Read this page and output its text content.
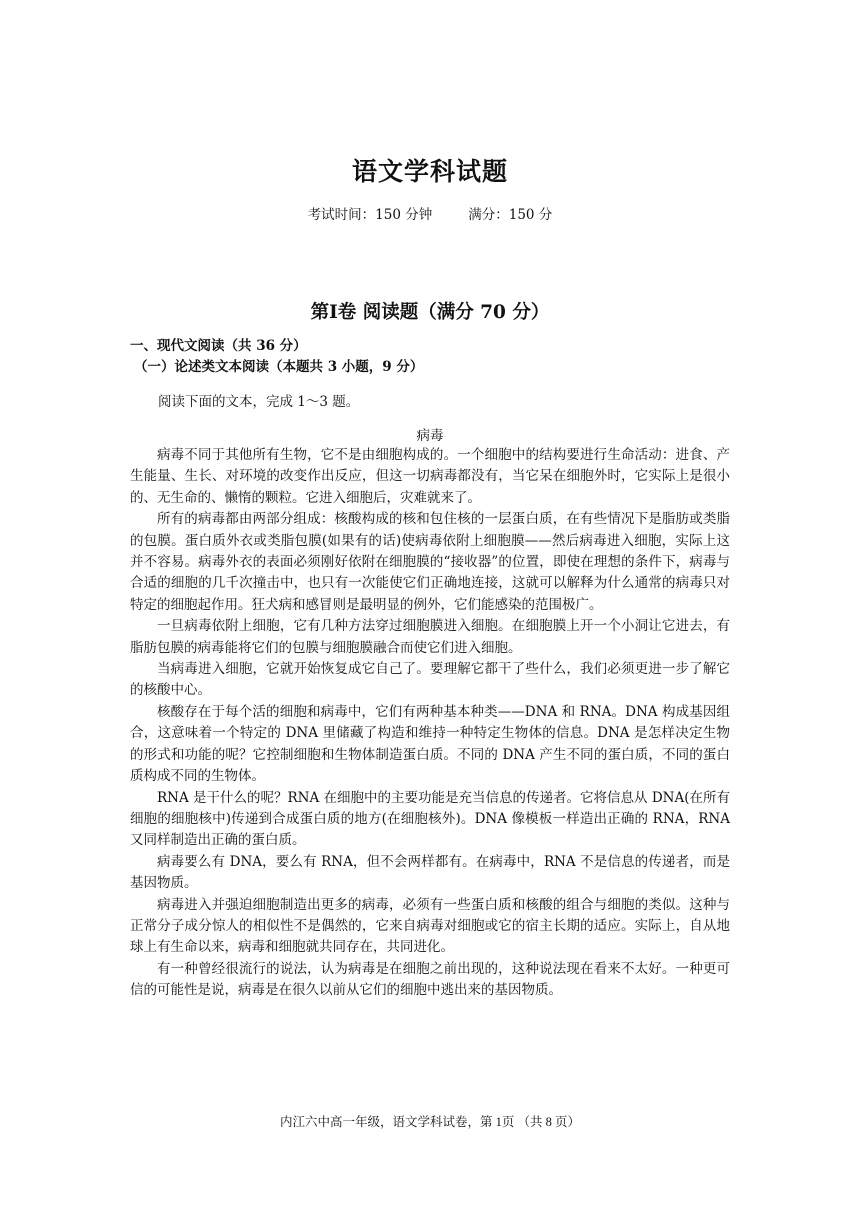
语文学科试题
考试时间：150 分钟	满分：150 分
第Ⅰ卷 阅读题（满分 70 分）
一、现代文阅读（共 36 分）
（一）论述类文本阅读（本题共 3 小题，9 分）
阅读下面的文本，完成 1～3 题。
病毒

病毒不同于其他所有生物，它不是由细胞构成的。一个细胞中的结构要进行生命活动：进食、产生能量、生长、对环境的改变作出反应，但这一切病毒都没有，当它呆在细胞外时，它实际上是很小的、无生命的、懒惰的颗粒。它进入细胞后，灾难就来了。

所有的病毒都由两部分组成：核酸构成的核和包住核的一层蛋白质，在有些情况下是脂肪或类脂的包膜。蛋白质外衣或类脂包膜(如果有的话)使病毒依附上细胞膜——然后病毒进入细胞，实际上这并不容易。病毒外衣的表面必须刚好依附在细胞膜的“接收器”的位置，即使在理想的条件下，病毒与合适的细胞的几千次撞击中，也只有一次能使它们正确地连接，这就可以解释为什么通常的病毒只对特定的细胞起作用。狂犬病和感冒则是最明显的例外，它们能感染的范围极广。

一旦病毒依附上细胞，它有几种方法穿过细胞膜进入细胞。在细胞膜上开一个小洞让它进去，有脂肪包膜的病毒能将它们的包膜与细胞膜融合而使它们进入细胞。

当病毒进入细胞，它就开始恢复成它自己了。要理解它都干了些什么，我们必须更进一步了解它的核酸中心。

核酸存在于每个活的细胞和病毒中，它们有两种基本种类——DNA 和 RNA。DNA 构成基因组合，这意味着一个特定的 DNA 里储藏了构造和维持一种特定生物体的信息。DNA 是怎样决定生物的形式和功能的呢？它控制细胞和生物体制造蛋白质。不同的 DNA 产生不同的蛋白质，不同的蛋白质构成不同的生物体。

RNA 是干什么的呢？RNA 在细胞中的主要功能是充当信息的传递者。它将信息从 DNA(在所有细胞的细胞核中)传递到合成蛋白质的地方(在细胞核外)。DNA 像模板一样造出正确的 RNA，RNA 又同样制造出正确的蛋白质。

病毒要么有 DNA，要么有 RNA，但不会两样都有。在病毒中，RNA 不是信息的传递者，而是基因物质。

病毒进入并强迫细胞制造出更多的病毒，必须有一些蛋白质和核酸的组合与细胞的类似。这种与正常分子成分惊人的相似性不是偶然的，它来自病毒对细胞或它的宿主长期的适应。实际上，自从地球上有生命以来，病毒和细胞就共同存在，共同进化。

有一种曾经很流行的说法，认为病毒是在细胞之前出现的，这种说法现在看来不太好。一种更可信的可能性是说，病毒是在很久以前从它们的细胞中逃出来的基因物质。

内江六中高一年级，语文学科试卷，第 1页 （共 8 页）
